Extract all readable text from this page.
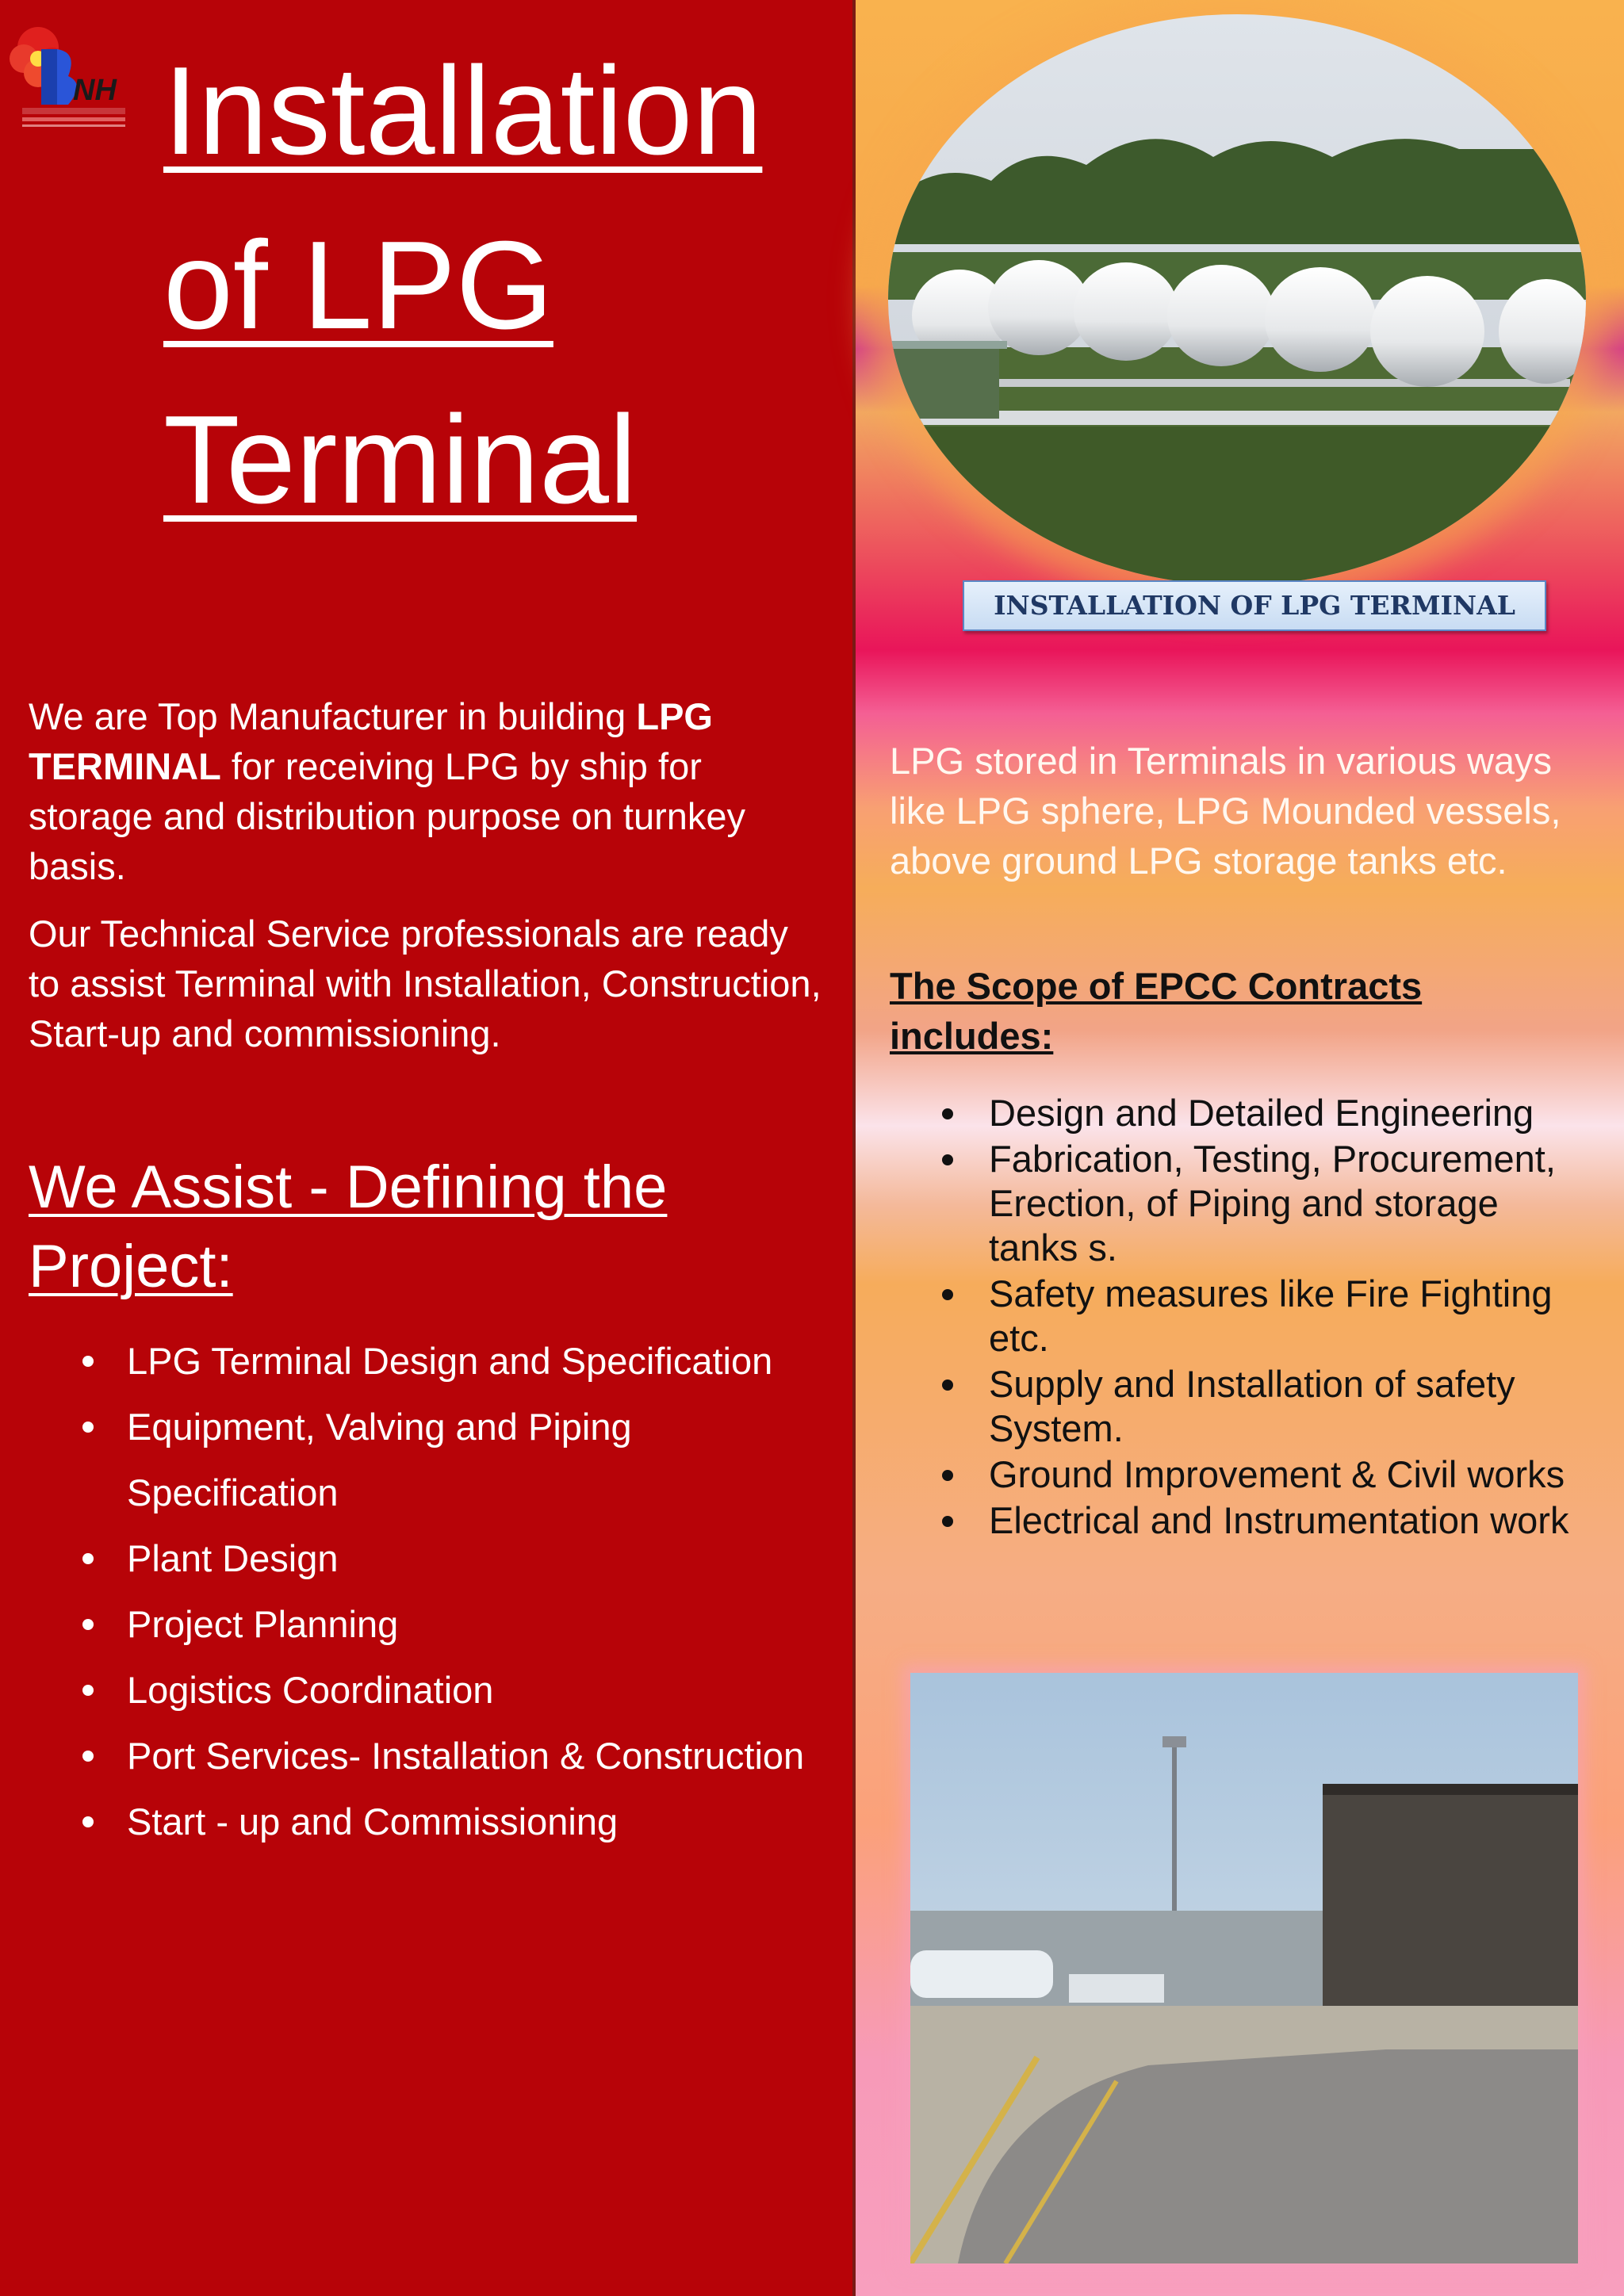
NH Installation
of LPG
Terminal

We are Top Manufacturer in building LPG TERMINAL for receiving LPG by ship for storage and distribution purpose on turnkey basis.

Our Technical Service professionals are ready to assist Terminal with Installation, Construction, Start-up and commissioning.

We Assist - Defining the Project:
LPG Terminal Design and Specification
Equipment, Valving and Piping Specification
Plant Design
Project Planning
Logistics Coordination
Port Services- Installation & Construction
Start - up and Commissioning
INSTALLATION OF LPG TERMINAL

LPG stored in Terminals in various ways like LPG sphere, LPG Mounded vessels, above ground LPG storage tanks etc.

The Scope of EPCC Contracts includes:

Design and Detailed Engineering
Fabrication, Testing, Procurement, Erection, of Piping and storage tanks s.
Safety measures like Fire Fighting etc.
Supply and Installation of safety System.
Ground Improvement & Civil works
Electrical and Instrumentation work
